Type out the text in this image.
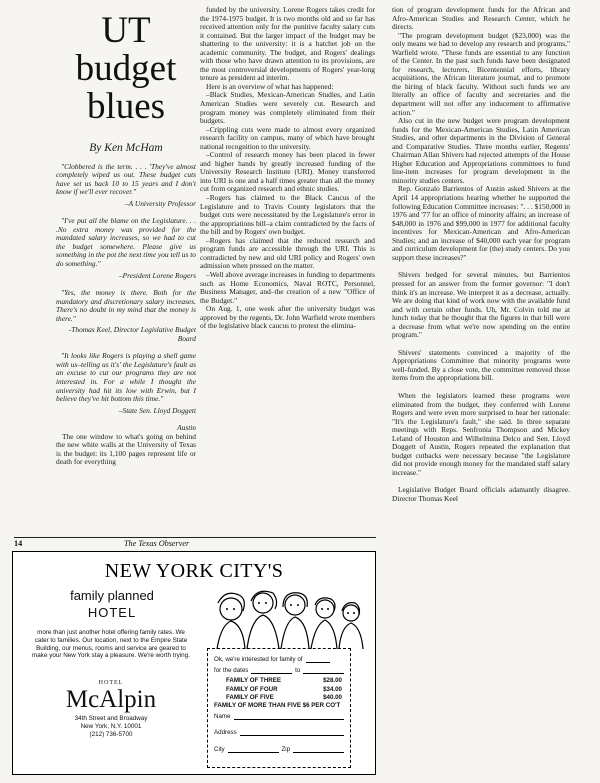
UT
budget
blues
By Ken McHam

"Clobbered is the term. . . . 'They've almost completely wiped us out. These budget cuts have set us back 10 to 15 years and I don't know if we'll ever recover."

–A University Professor

"I've put all the blame on the Legislature. . . .No extra money was provided for the mandated salary increases, so we had to cut the budget somewhere. Please give us something in the pot the next time you tell us to do something."

–President Lorene Rogers

"Yes, the money is there. Both for the mandatory and discretionary salary increases. There's no doubt in my mind that the money is there."

-Thomas Keel, Director Legislative Budget Board

"It looks like Rogers is playing a shell game with us–telling us it's' the Legislature's fault as an excuse to cut our programs they are not interested in. For a while I thought the university had hit its low with Erwin, but I believe they've hit bottom this time."

–State Sen. Lloyd Doggett

Austin

The one window to what's going on behind the new white walls at the University of Texas is the budget: its 1,100 pages represent life or death for everything

funded by the university. Lorene Rogers takes credit for the 1974-1975 budget. It is two months old and so far has received attention only for the punitive faculty salary cuts it contained. But the larger impact of the budget may be shattering to the university: it is a hatchet job on the academic community. The budget, and Rogers' dealings with those who have drawn attention to its provisions, are the most controversial developments of Rogers' year-long tenure as president ad interim.

Here is an overview of what has happened:

–Black Studies, Mexican-American Studies, and Latin American Studies were severely cut. Research and program money was completely eliminated from their budgets.

–Crippling cuts were made to almost every organized research facility on campus, many of which have brought national recognition to the university.

–Control of research money has been placed in fewer and higher hands by greatly increased funding of the University Research Institute (URI). Money transferred into URI is one and a half times greater than all the money cut from organized research and ethnic studies.

–Rogers has claimed to the Black Caucus of the Legislature and to Travis County legislators that the budget cuts were necessitated by the Legislature's error in the appropriations bill–a claim contradicted by the facts of the bill and by Rogers' own budget.

–Rogers has claimed that the reduced research and program funds are accessible through the URI. This is contradicted by new and old URI policy and Rogers' own admission when pressed on the matter.

–Well above average increases in funding to departments such as Home Economics, Naval ROTC, Personnel, Business Manager, and–the creation of a new "Office of the Budget."

On Aug. 1, one week after the university budget was approved by the regents, Dr. John Warfield wrote members of the legislative black caucus to protest the elimina-

tion of program development funds for the African and Afro-American Studies and Research Center, which he directs.

"The program development budget ($23,000) was the only means we had to develop any research and programs," Warfield wrote. "These funds are essential to any function of the Center. In the past such funds have been designated for research, lecturers, Bicentennial efforts, library acquisitions, the African literature journal, and to promote the hiring of black faculty. Without such funds we are literally an office of faculty and secretaries and the department will not offer any inducement to affirmative action."

Also cut in the new budget were program development funds for the Mexican-American Studies, Latin American Studies, and other departments in the Division of General and Comparative Studies. Three months earlier, Regents' Chairman Allan Shivers had rejected attempts of the House Higher Education and Appropriations committees to fund line-item increases for program development in the minority studies centers.

Rep. Gonzalo Barrientos of Austin asked Shivers at the April 14 appropriations hearing whether he supported the following Education Committee increases: ". . . $150,000 in 1976 and '77 for an office of minority affairs; an increase of $48,000 in 1976 and $99,000 in 1977 for additional faculty incentives for Mexican-American and Afro-American Studies; and an increase of $40,000 each year for program and curriculum development for (the) study centers. Do you support these increases?"

Shivers hedged for several minutes, but Barrientos pressed for an answer from the former governor: "I don't think it's an increase. We interpret it as a decrease, actually. We are doing that kind of work now with the available fund and with certain other funds. Uh, Mr. Colvin told me at lunch today that he thought that the figures in that bill were a decrease from what we're now spending on the entire program."

Shivers' statements convinced a majority of the Appropriations Committee that minority programs were well-funded. By a close vote, the committee removed those items from the appropriations bill.

When the legislators learned these programs were eliminated from the budget, they conferred with Lorene Rogers and were even more surprised to hear her rationale: "It's the Legislature's fault," she said. In three separate meetings with Reps. Senfronia Thompson and Mickey Leland of Houston and Wilhelmina Delco and Sen. Lloyd Doggett of Austin, Rogers repeated the explanation that budget cutbacks were necessary because "the Legislature did not provide enough money for the mandated staff salary increase."

Legislative Budget Board officials adamantly disagree. Director Thomas Keel

14	The Texas Observer
NEW YORK CITY'S
family planned
HOTEL
more than just another hotel offering family rates. We cater to families. Our location, next to the Empire State Building, our menus, rooms and service are geared to make your New York stay a pleasure. We're worth trying.
HOTEL
McAlpin
34th Street and Broadway
New York, N.Y. 10001
(212) 736-5700
Ok, we're interested for family of
for the dates	to
FAMILY OF THREE	$28.00
FAMILY OF FOUR	$34.00
FAMILY OF FIVE	$40.00
FAMILY OF MORE THAN FIVE $6 PER CO'T
Name
Address
City	Zip
